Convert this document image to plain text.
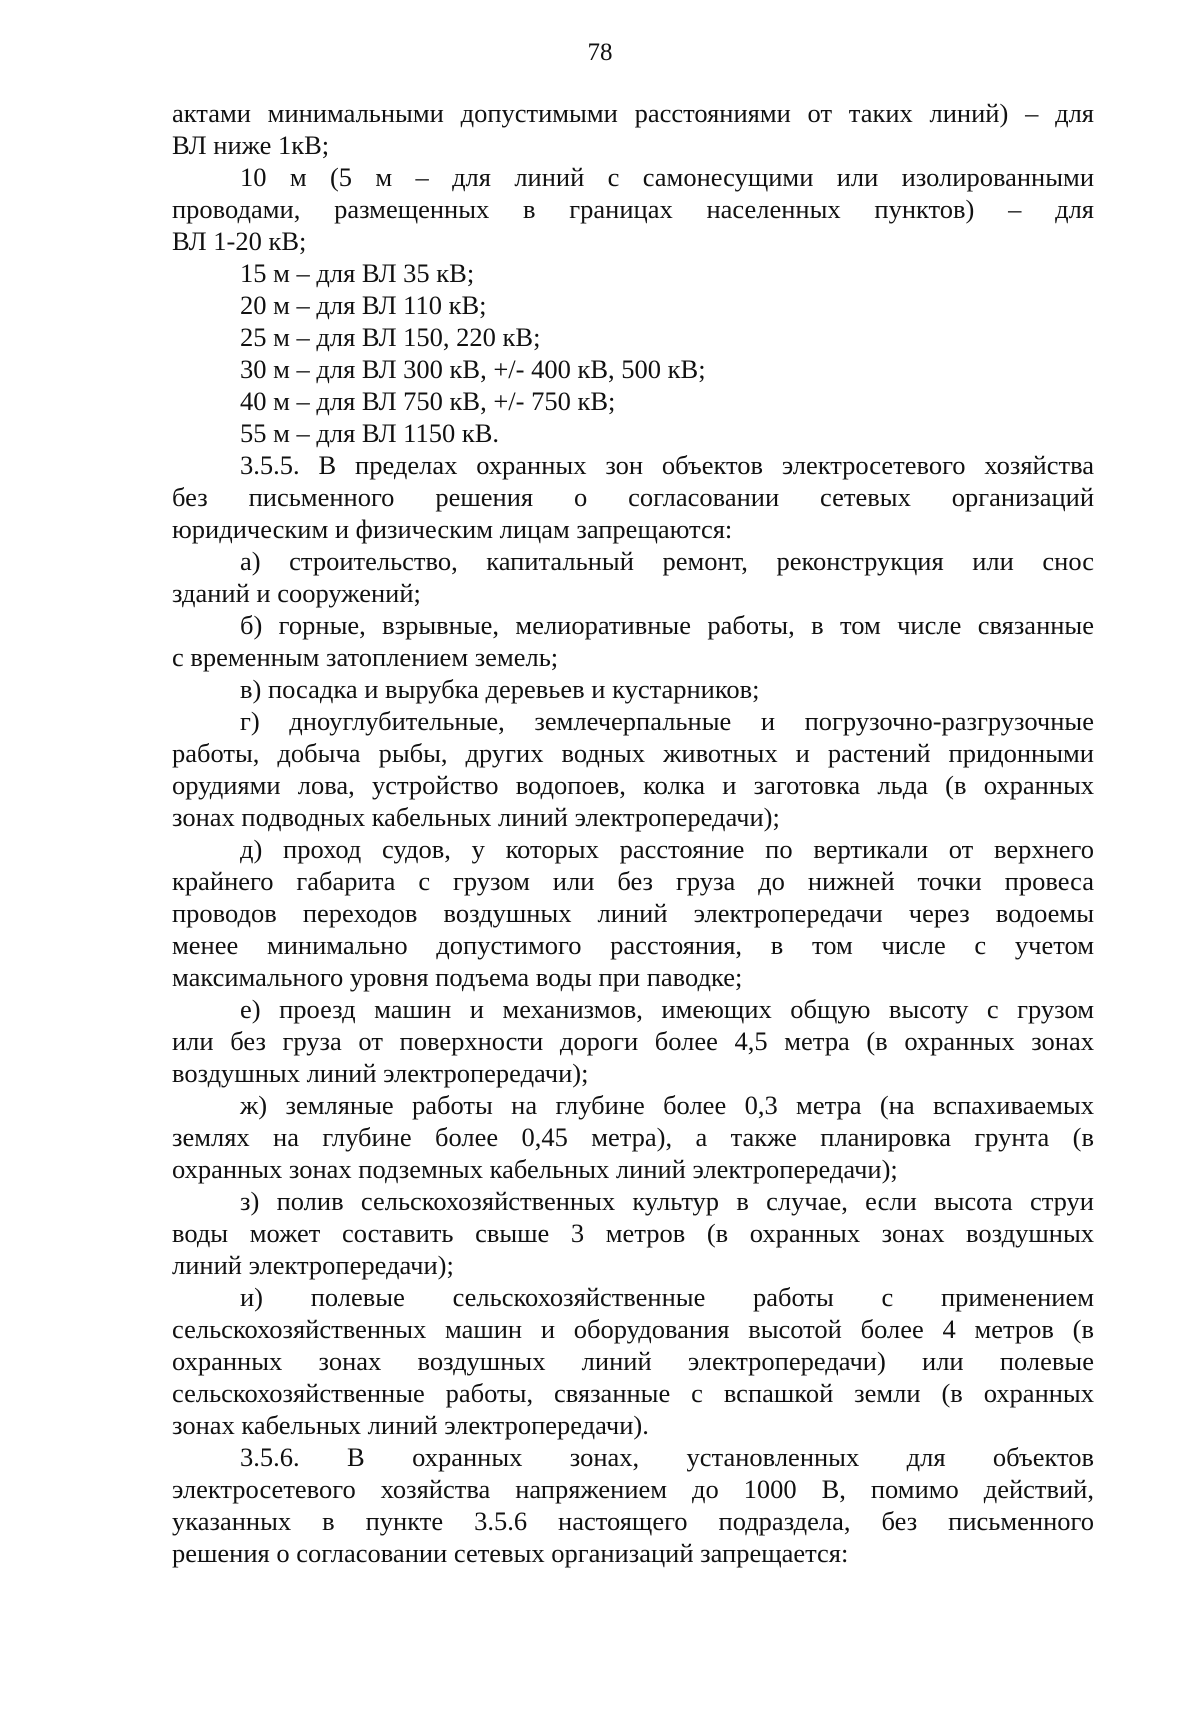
78
актами минимальными допустимыми расстояниями от таких линий) – для
ВЛ ниже 1кВ;
10 м (5 м – для линий с самонесущими или изолированными
проводами, размещенных в границах населенных пунктов) – для
ВЛ 1-20 кВ;
15 м – для ВЛ 35 кВ;
20 м – для ВЛ 110 кВ;
25 м – для ВЛ 150, 220 кВ;
30 м – для ВЛ 300 кВ, +/- 400 кВ, 500 кВ;
40 м – для ВЛ 750 кВ, +/- 750 кВ;
55 м – для ВЛ 1150 кВ.
3.5.5. В пределах охранных зон объектов электросетевого хозяйства
без письменного решения о согласовании сетевых организаций
юридическим и физическим лицам запрещаются:
а) строительство, капитальный ремонт, реконструкция или снос
зданий и сооружений;
б) горные, взрывные, мелиоративные работы, в том числе связанные
с временным затоплением земель;
в) посадка и вырубка деревьев и кустарников;
г) дноуглубительные, землечерпальные и погрузочно-разгрузочные
работы, добыча рыбы, других водных животных и растений придонными
орудиями лова, устройство водопоев, колка и заготовка льда (в охранных
зонах подводных кабельных линий электропередачи);
д) проход судов, у которых расстояние по вертикали от верхнего
крайнего габарита с грузом или без груза до нижней точки провеса
проводов переходов воздушных линий электропередачи через водоемы
менее минимально допустимого расстояния, в том числе с учетом
максимального уровня подъема воды при паводке;
е) проезд машин и механизмов, имеющих общую высоту с грузом
или без груза от поверхности дороги более 4,5 метра (в охранных зонах
воздушных линий электропередачи);
ж) земляные работы на глубине более 0,3 метра (на вспахиваемых
землях на глубине более 0,45 метра), а также планировка грунта (в
охранных зонах подземных кабельных линий электропередачи);
з) полив сельскохозяйственных культур в случае, если высота струи
воды может составить свыше 3 метров (в охранных зонах воздушных
линий электропередачи);
и) полевые сельскохозяйственные работы с применением
сельскохозяйственных машин и оборудования высотой более 4 метров (в
охранных зонах воздушных линий электропередачи) или полевые
сельскохозяйственные работы, связанные с вспашкой земли (в охранных
зонах кабельных линий электропередачи).
3.5.6. В охранных зонах, установленных для объектов
электросетевого хозяйства напряжением до 1000 В, помимо действий,
указанных в пункте 3.5.6 настоящего подраздела, без письменного
решения о согласовании сетевых организаций запрещается:
